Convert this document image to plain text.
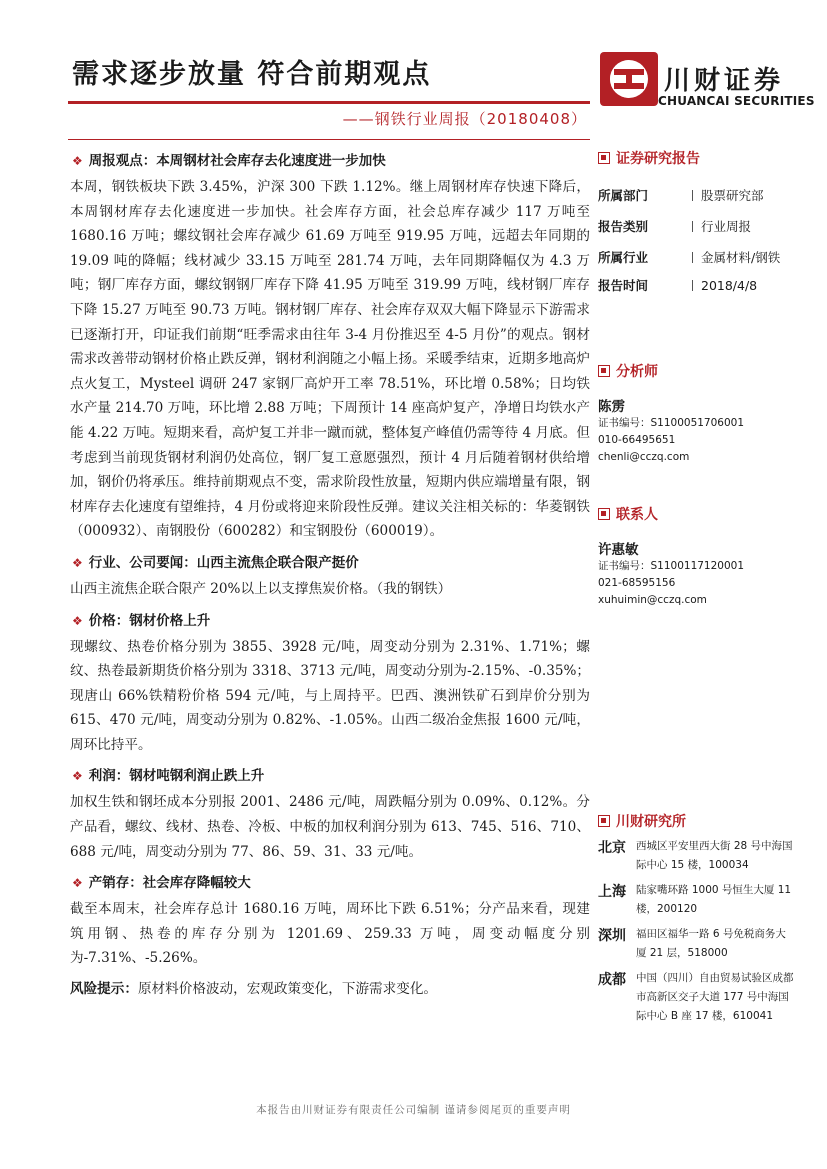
需求逐步放量 符合前期观点
——钢铁行业周报（20180408）
川财证券
CHUANCAI SECURITIES
❖ 周报观点：本周钢材社会库存去化速度进一步加快

本周，钢铁板块下跌 3.45%，沪深 300 下跌 1.12%。继上周钢材库存快速下降后，本周钢材库存去化速度进一步加快。社会库存方面，社会总库存减少 117 万吨至 1680.16 万吨；螺纹钢社会库存减少 61.69 万吨至 919.95 万吨，远超去年同期的 19.09 吨的降幅；线材减少 33.15 万吨至 281.74 万吨，去年同期降幅仅为 4.3 万吨；钢厂库存方面，螺纹钢钢厂库存下降 41.95 万吨至 319.99 万吨，线材钢厂库存下降 15.27 万吨至 90.73 万吨。钢材钢厂库存、社会库存双双大幅下降显示下游需求已逐渐打开，印证我们前期“旺季需求由往年 3-4 月份推迟至 4-5 月份”的观点。钢材需求改善带动钢材价格止跌反弹，钢材利润随之小幅上扬。采暖季结束，近期多地高炉点火复工，Mysteel 调研 247 家钢厂高炉开工率 78.51%，环比增 0.58%；日均铁水产量 214.70 万吨，环比增 2.88 万吨；下周预计 14 座高炉复产，净增日均铁水产能 4.22 万吨。短期来看，高炉复工并非一蹴而就，整体复产峰值仍需等待 4 月底。但考虑到当前现货钢材利润仍处高位，钢厂复工意愿强烈，预计 4 月后随着钢材供给增加，钢价仍将承压。维持前期观点不变，需求阶段性放量，短期内供应端增量有限，钢材库存去化速度有望维持，4 月份或将迎来阶段性反弹。建议关注相关标的：华菱钢铁（000932）、南钢股份（600282）和宝钢股份（600019）。

❖ 行业、公司要闻：山西主流焦企联合限产挺价

山西主流焦企联合限产 20%以上以支撑焦炭价格。（我的钢铁）

❖ 价格：钢材价格上升

现螺纹、热卷价格分别为 3855、3928 元/吨，周变动分别为 2.31%、1.71%；螺纹、热卷最新期货价格分别为 3318、3713 元/吨，周变动分别为-2.15%、-0.35%；现唐山 66%铁精粉价格 594 元/吨，与上周持平。巴西、澳洲铁矿石到岸价分别为 615、470 元/吨，周变动分别为 0.82%、-1.05%。山西二级冶金焦报 1600 元/吨，周环比持平。

❖ 利润：钢材吨钢利润止跌上升

加权生铁和钢坯成本分别报 2001、2486 元/吨，周跌幅分别为 0.09%、0.12%。分产品看，螺纹、线材、热卷、冷板、中板的加权利润分别为 613、745、516、710、688 元/吨，周变动分别为 77、86、59、31、33 元/吨。

❖ 产销存：社会库存降幅较大

截至本周末，社会库存总计 1680.16 万吨，周环比下跌 6.51%；分产品来看，现建筑用钢、热卷的库存分别为 1201.69、259.33 万吨，周变动幅度分别为-7.31%、-5.26%。

风险提示：原材料价格波动，宏观政策变化，下游需求变化。

证券研究报告
所属部门	股票研究部
报告类别	行业周报
所属行业	金属材料/钢铁
报告时间	2018/4/8
分析师
陈雳
证书编号：S1100051706001
010-66495651
chenli@cczq.com
联系人
许惠敏
证书编号：S1100117120001
021-68595156
xuhuimin@cczq.com
川财研究所
北京 西城区平安里西大街 28 号中海国际中心 15 楼，100034
上海 陆家嘴环路 1000 号恒生大厦 11 楼，200120
深圳 福田区福华一路 6 号免税商务大厦 21 层，518000
成都 中国（四川）自由贸易试验区成都市高新区交子大道 177 号中海国际中心 B 座 17 楼，610041
本报告由川财证券有限责任公司编制 谨请参阅尾页的重要声明
